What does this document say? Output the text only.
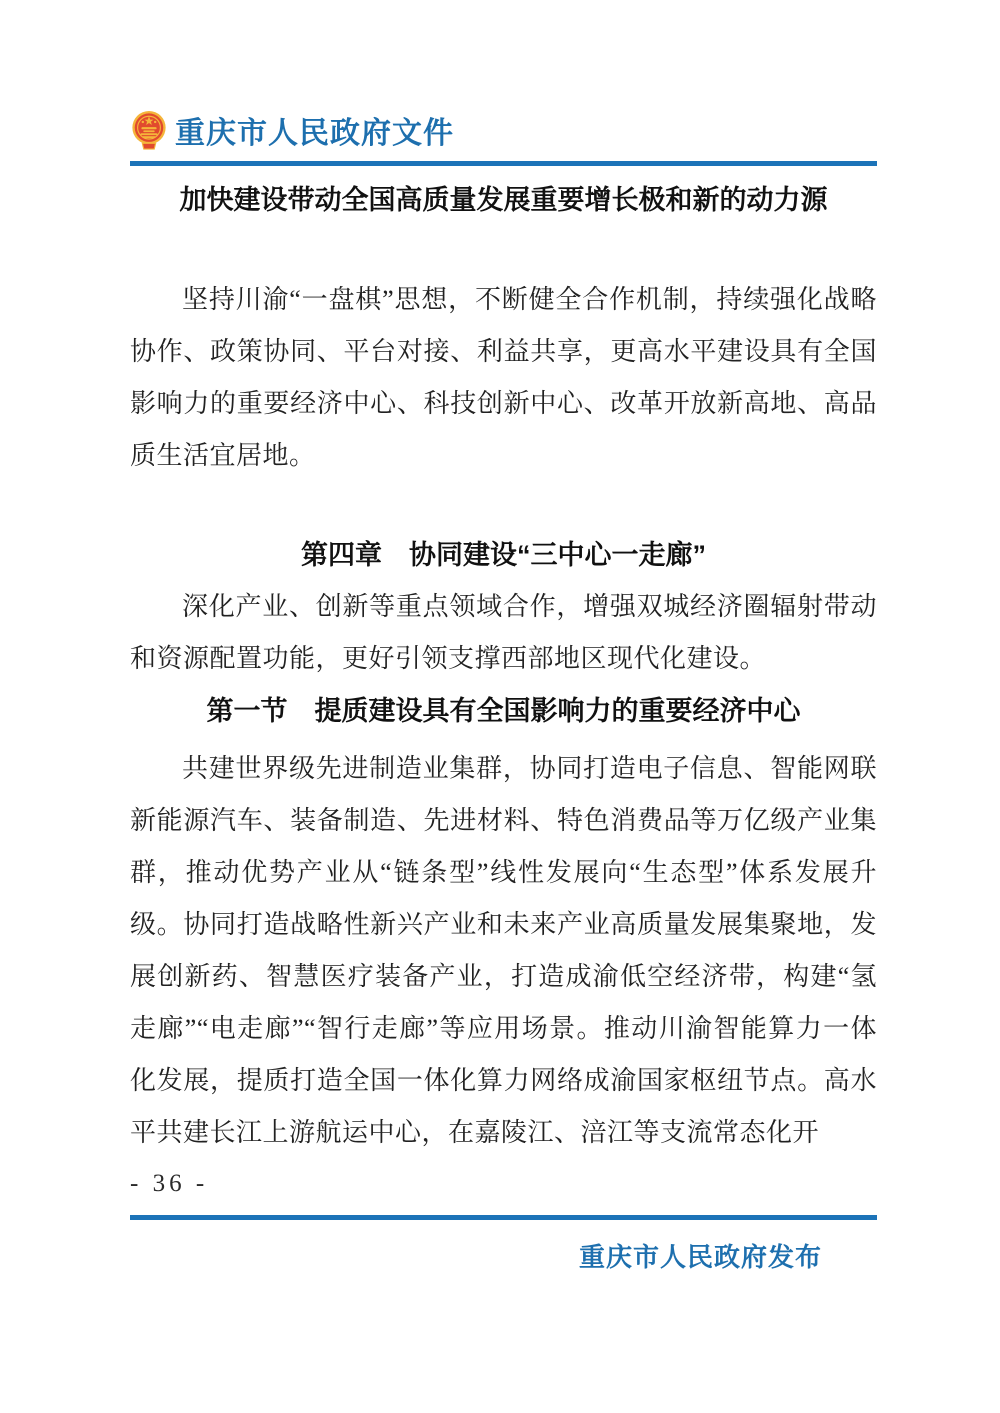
重庆市人民政府文件
加快建设带动全国高质量发展重要增长极和新的动力源

坚持川渝“一盘棋”思想，不断健全合作机制，持续强化战略协作、政策协同、平台对接、利益共享，更高水平建设具有全国影响力的重要经济中心、科技创新中心、改革开放新高地、高品质生活宜居地。

第四章　协同建设“三中心一走廊”

深化产业、创新等重点领域合作，增强双城经济圈辐射带动和资源配置功能，更好引领支撑西部地区现代化建设。

第一节　提质建设具有全国影响力的重要经济中心

共建世界级先进制造业集群，协同打造电子信息、智能网联新能源汽车、装备制造、先进材料、特色消费品等万亿级产业集群，推动优势产业从“链条型”线性发展向“生态型”体系发展升级。协同打造战略性新兴产业和未来产业高质量发展集聚地，发展创新药、智慧医疗装备产业，打造成渝低空经济带，构建“氢走廊”“电走廊”“智行走廊”等应用场景。推动川渝智能算力一体化发展，提质打造全国一体化算力网络成渝国家枢纽节点。高水平共建长江上游航运中心，在嘉陵江、涪江等支流常态化开

- 36 -
重庆市人民政府发布
